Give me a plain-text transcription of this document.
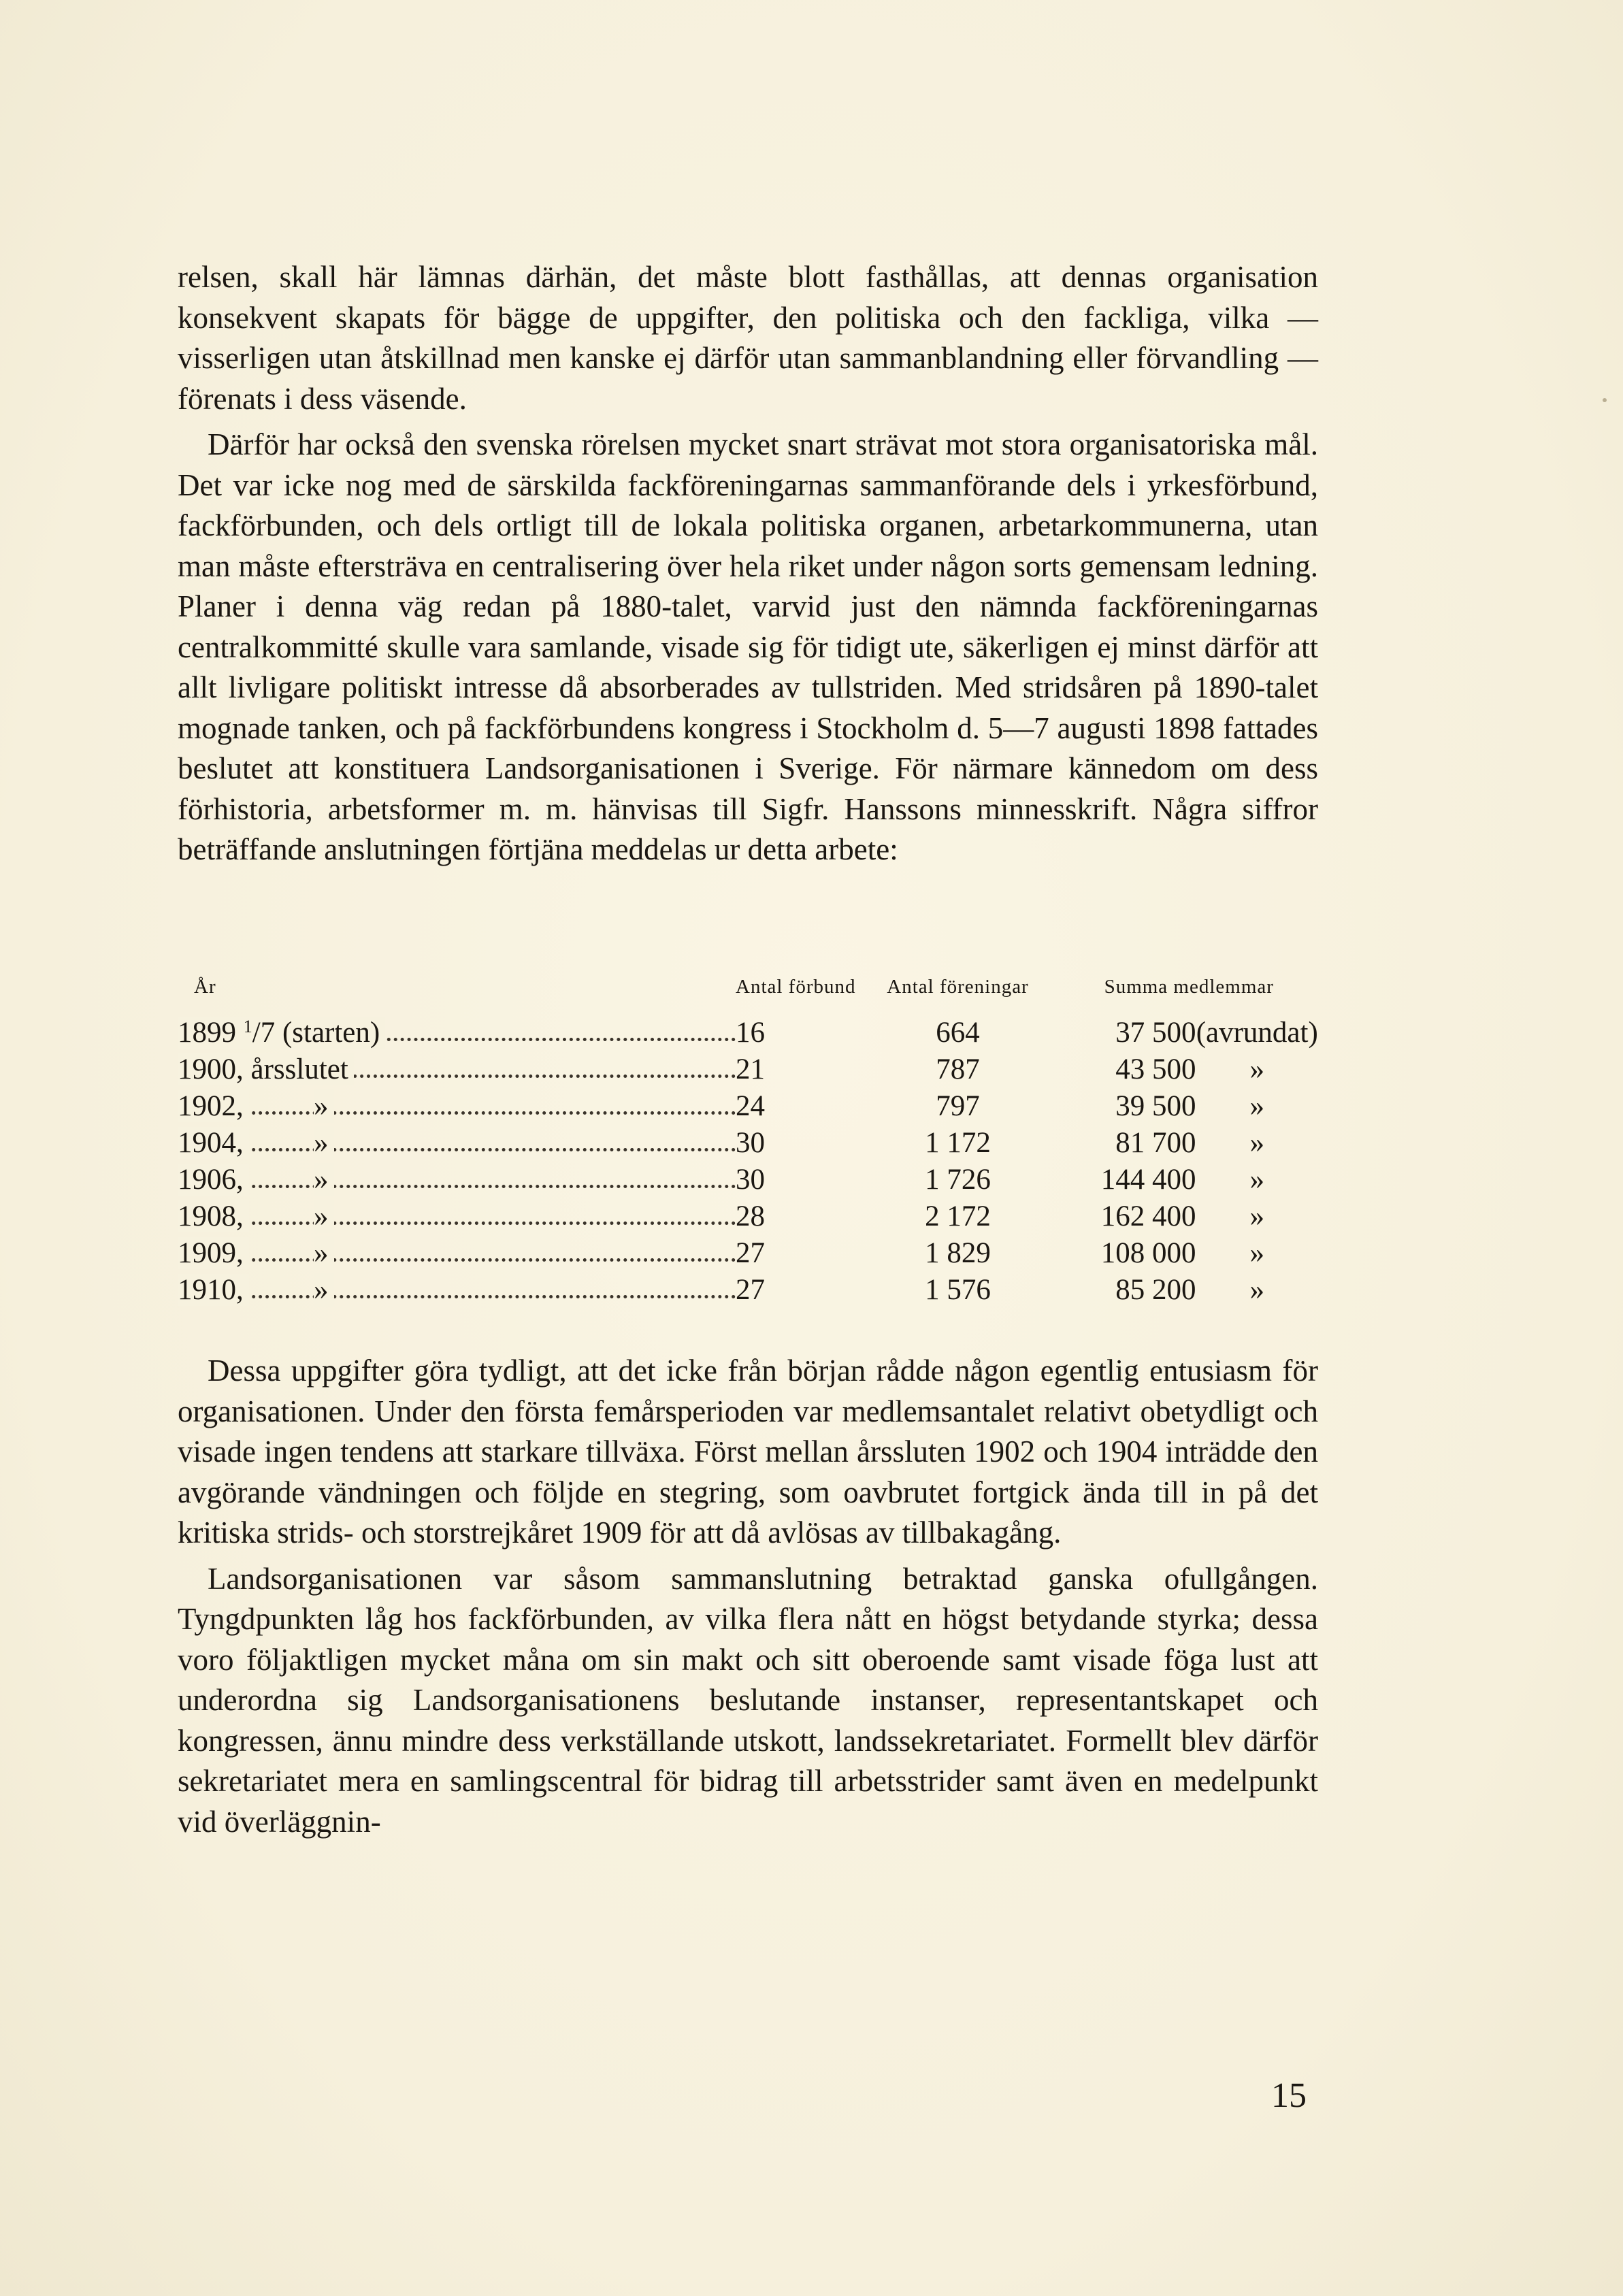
relsen, skall här lämnas därhän, det måste blott fasthållas, att dennas organisation konsekvent skapats för bägge de uppgifter, den politiska och den fackliga, vilka — visserligen utan åtskillnad men kanske ej därför utan sammanblandning eller förvandling — förenats i dess väsende.

Därför har också den svenska rörelsen mycket snart strävat mot stora organisatoriska mål. Det var icke nog med de särskilda fackföreningarnas sammanförande dels i yrkesförbund, fackförbunden, och dels ortligt till de lokala politiska organen, arbetarkommunerna, utan man måste eftersträva en centralisering över hela riket under någon sorts gemensam ledning. Planer i denna väg redan på 1880-talet, varvid just den nämnda fackföreningarnas centralkommitté skulle vara samlande, visade sig för tidigt ute, säkerligen ej minst därför att allt livligare politiskt intresse då absorberades av tullstriden. Med stridsåren på 1890-talet mognade tanken, och på fackförbundens kongress i Stockholm d. 5—7 augusti 1898 fattades beslutet att konstituera Landsorganisationen i Sverige. För närmare kännedom om dess förhistoria, arbetsformer m. m. hänvisas till Sigfr. Hanssons minnesskrift. Några siffror beträffande anslutningen förtjäna meddelas ur detta arbete:

År	Antal förbund	Antal föreningar	Summa medlemmar	

1899 $^1$/7 (starten)	16	664	37 500	(avrundat)

1900, årsslutet	21	787	43 500	»

1902, »	24	797	39 500	»

1904, »	30	1 172	81 700	»

1906, »	30	1 726	144 400	»

1908, »	28	2 172	162 400	»

1909, »	27	1 829	108 000	»

1910, »	27	1 576	85 200	»

Dessa uppgifter göra tydligt, att det icke från början rådde någon egentlig entusiasm för organisationen. Under den första femårsperioden var medlemsantalet relativt obetydligt och visade ingen tendens att starkare tillväxa. Först mellan årssluten 1902 och 1904 inträdde den avgörande vändningen och följde en stegring, som oavbrutet fortgick ända till in på det kritiska strids- och storstrejkåret 1909 för att då avlösas av tillbakagång.

Landsorganisationen var såsom sammanslutning betraktad ganska ofullgången. Tyngdpunkten låg hos fackförbunden, av vilka flera nått en högst betydande styrka; dessa voro följaktligen mycket måna om sin makt och sitt oberoende samt visade föga lust att underordna sig Landsorganisationens beslutande instanser, representantskapet och kongressen, ännu mindre dess verkställande utskott, landssekretariatet. Formellt blev därför sekretariatet mera en samlingscentral för bidrag till arbetsstrider samt även en medelpunkt vid överläggnin-

15
